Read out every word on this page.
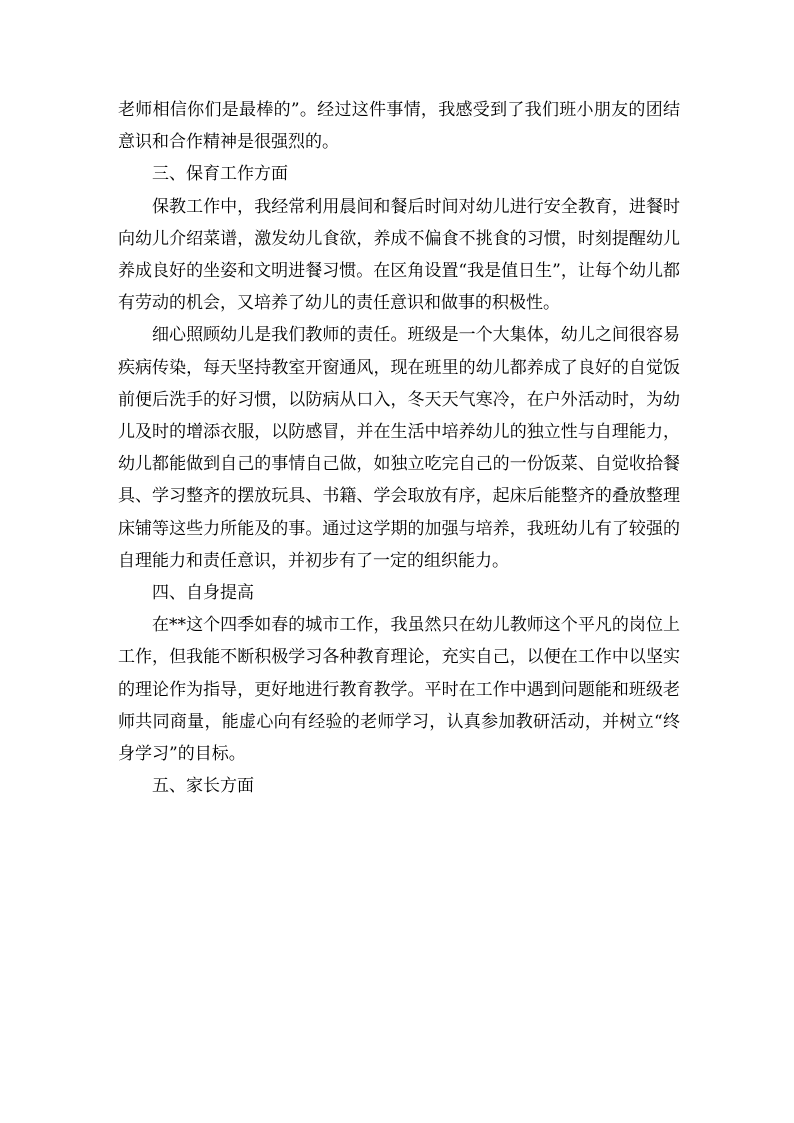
老师相信你们是最棒的”。经过这件事情，我感受到了我们班小朋友的团结意识和合作精神是很强烈的。

三、保育工作方面

保教工作中，我经常利用晨间和餐后时间对幼儿进行安全教育，进餐时向幼儿介绍菜谱，激发幼儿食欲，养成不偏食不挑食的习惯，时刻提醒幼儿养成良好的坐姿和文明进餐习惯。在区角设置“我是值日生”，让每个幼儿都有劳动的机会，又培养了幼儿的责任意识和做事的积极性。

细心照顾幼儿是我们教师的责任。班级是一个大集体，幼儿之间很容易疾病传染，每天坚持教室开窗通风，现在班里的幼儿都养成了良好的自觉饭前便后洗手的好习惯，以防病从口入，冬天天气寒冷，在户外活动时，为幼儿及时的增添衣服，以防感冒，并在生活中培养幼儿的独立性与自理能力，幼儿都能做到自己的事情自己做，如独立吃完自己的一份饭菜、自觉收拾餐具、学习整齐的摆放玩具、书籍、学会取放有序，起床后能整齐的叠放整理床铺等这些力所能及的事。通过这学期的加强与培养，我班幼儿有了较强的自理能力和责任意识，并初步有了一定的组织能力。

四、自身提高

在**这个四季如春的城市工作，我虽然只在幼儿教师这个平凡的岗位上工作，但我能不断积极学习各种教育理论，充实自己，以便在工作中以坚实的理论作为指导，更好地进行教育教学。平时在工作中遇到问题能和班级老师共同商量，能虚心向有经验的老师学习，认真参加教研活动，并树立“终身学习”的目标。

五、家长方面
